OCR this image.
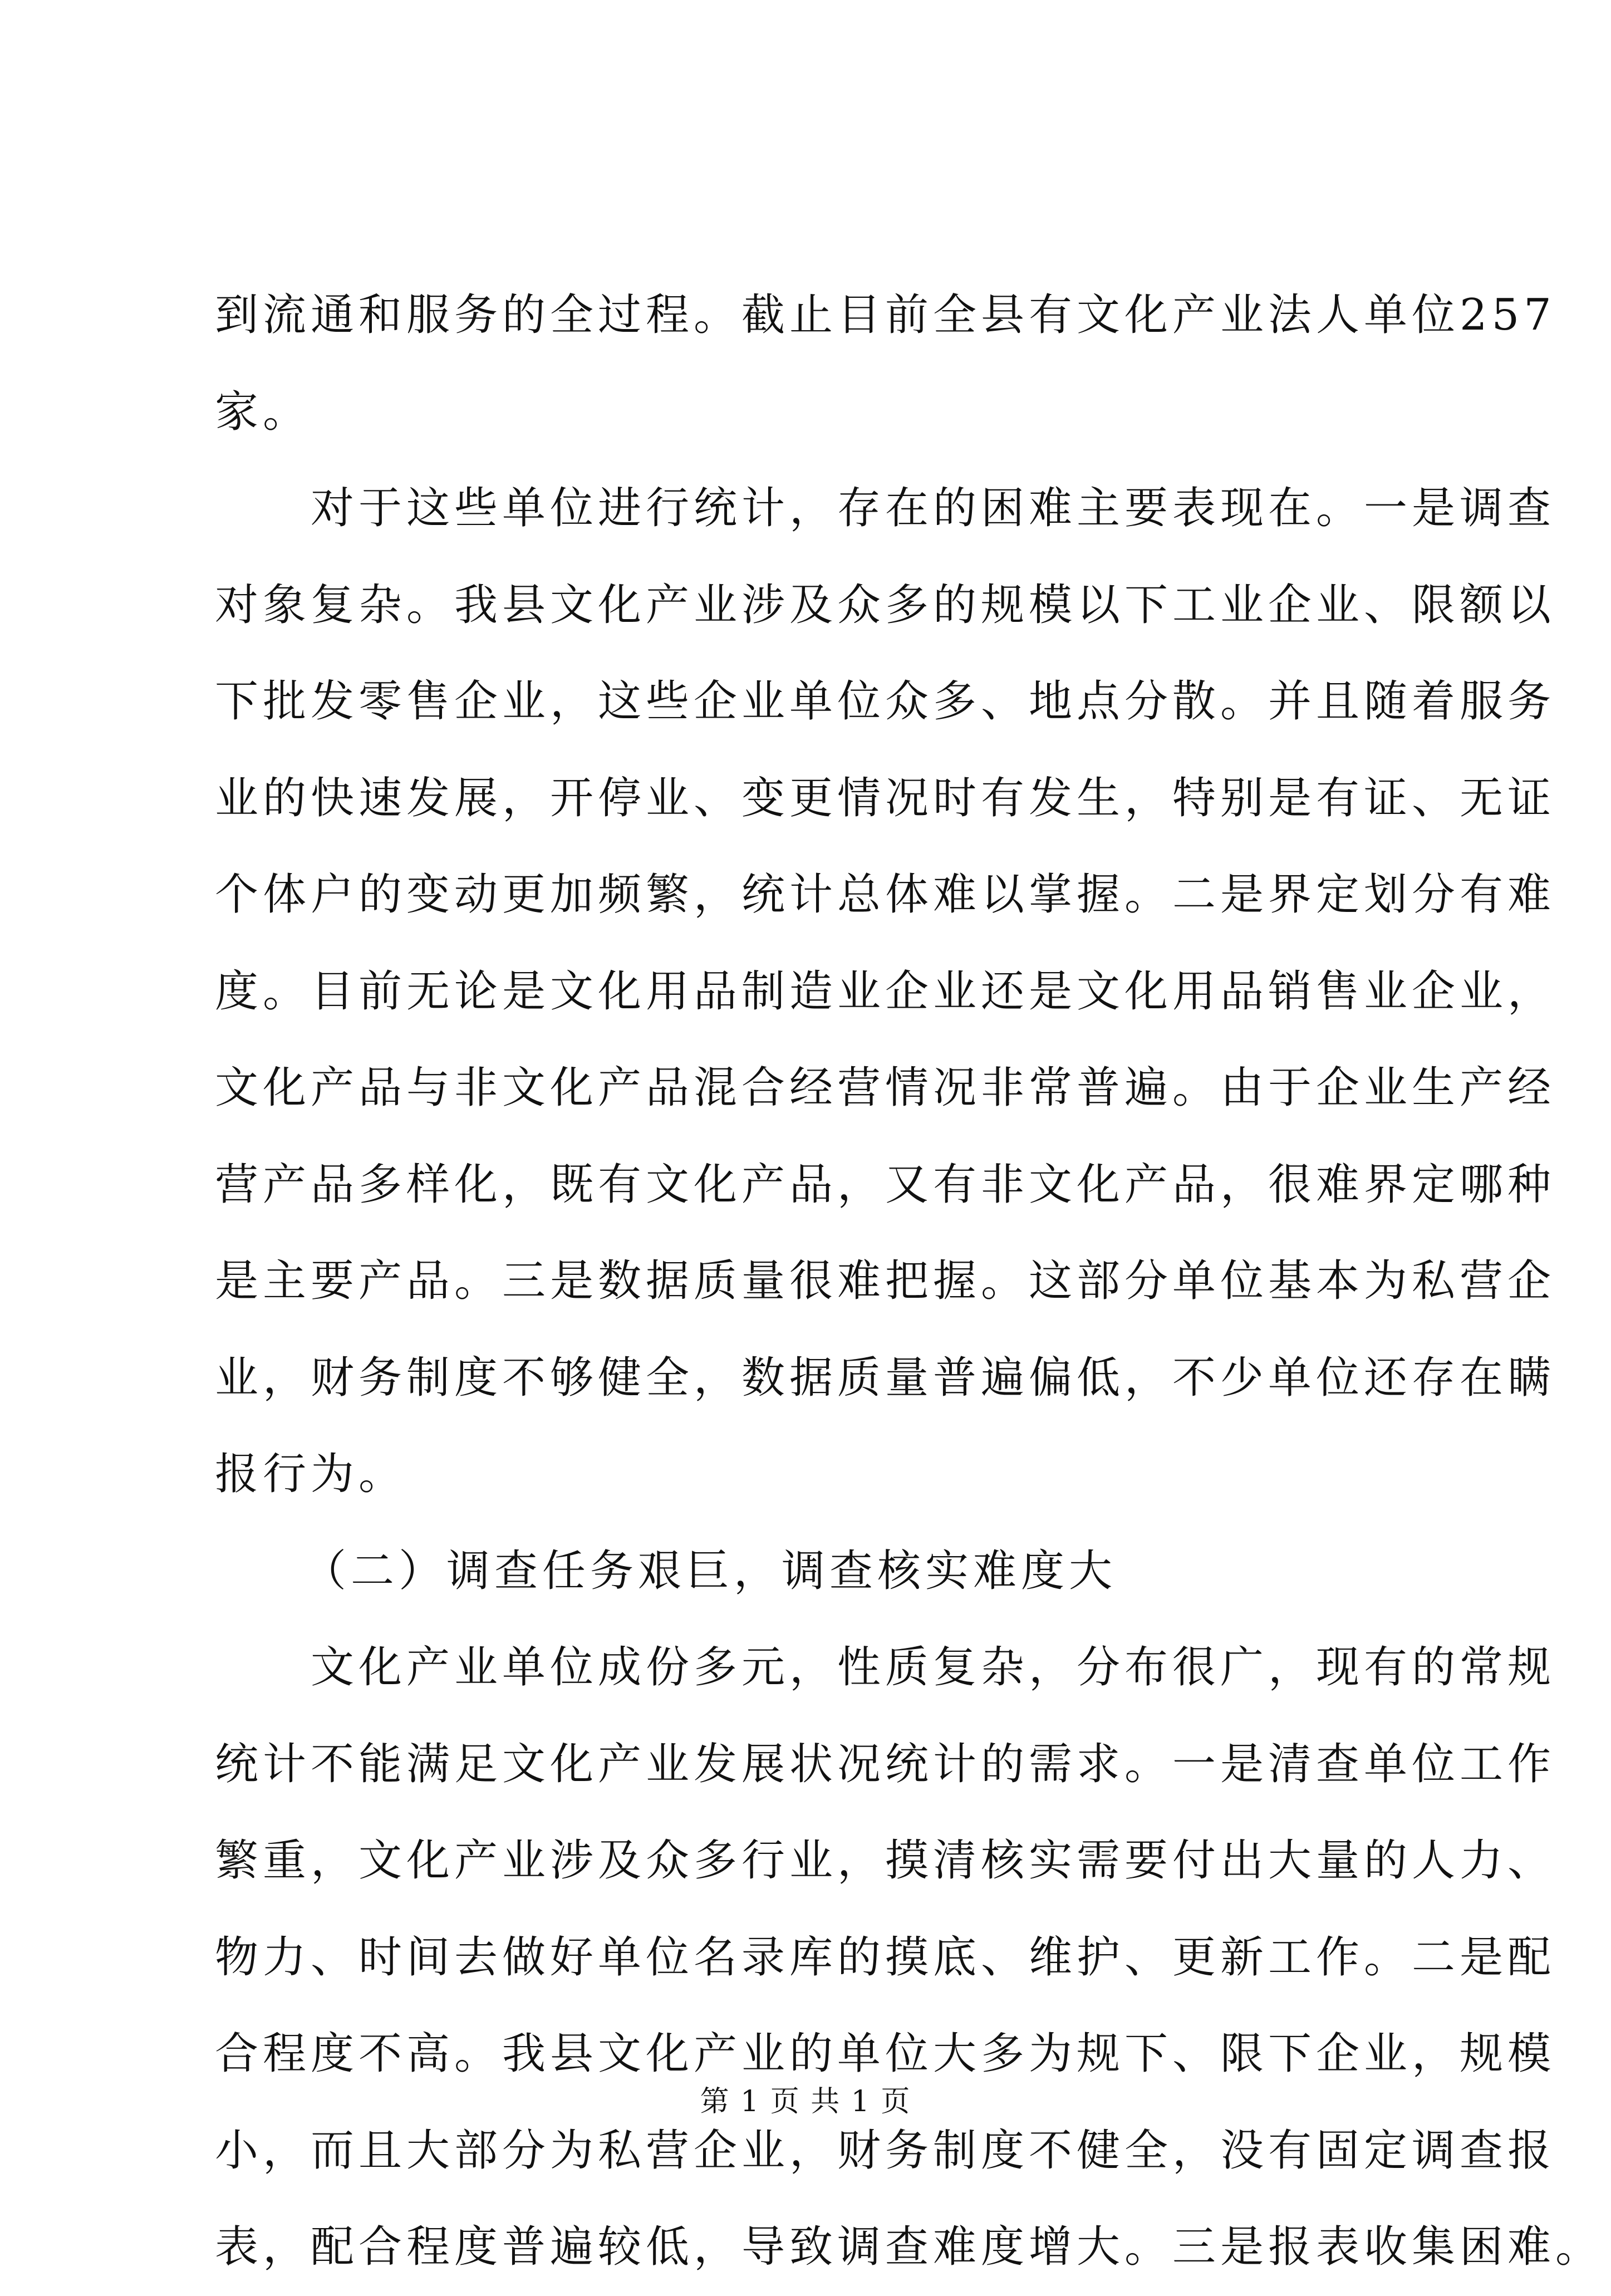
到流通和服务的全过程。截止目前全县有文化产业法人单位257
家。
　　对于这些单位进行统计，存在的困难主要表现在。一是调查
对象复杂。我县文化产业涉及众多的规模以下工业企业、限额以
下批发零售企业，这些企业单位众多、地点分散。并且随着服务
业的快速发展，开停业、变更情况时有发生，特别是有证、无证
个体户的变动更加频繁，统计总体难以掌握。二是界定划分有难
度。目前无论是文化用品制造业企业还是文化用品销售业企业，
文化产品与非文化产品混合经营情况非常普遍。由于企业生产经
营产品多样化，既有文化产品，又有非文化产品，很难界定哪种
是主要产品。三是数据质量很难把握。这部分单位基本为私营企
业，财务制度不够健全，数据质量普遍偏低，不少单位还存在瞒
报行为。
（二）调查任务艰巨，调查核实难度大
　　文化产业单位成份多元，性质复杂，分布很广，现有的常规
统计不能满足文化产业发展状况统计的需求。一是清查单位工作
繁重，文化产业涉及众多行业，摸清核实需要付出大量的人力、
物力、时间去做好单位名录库的摸底、维护、更新工作。二是配
合程度不高。我县文化产业的单位大多为规下、限下企业，规模
小，而且大部分为私营企业，财务制度不健全，没有固定调查报
表，配合程度普遍较低，导致调查难度增大。三是报表收集困难。
第 1 页 共 1 页
